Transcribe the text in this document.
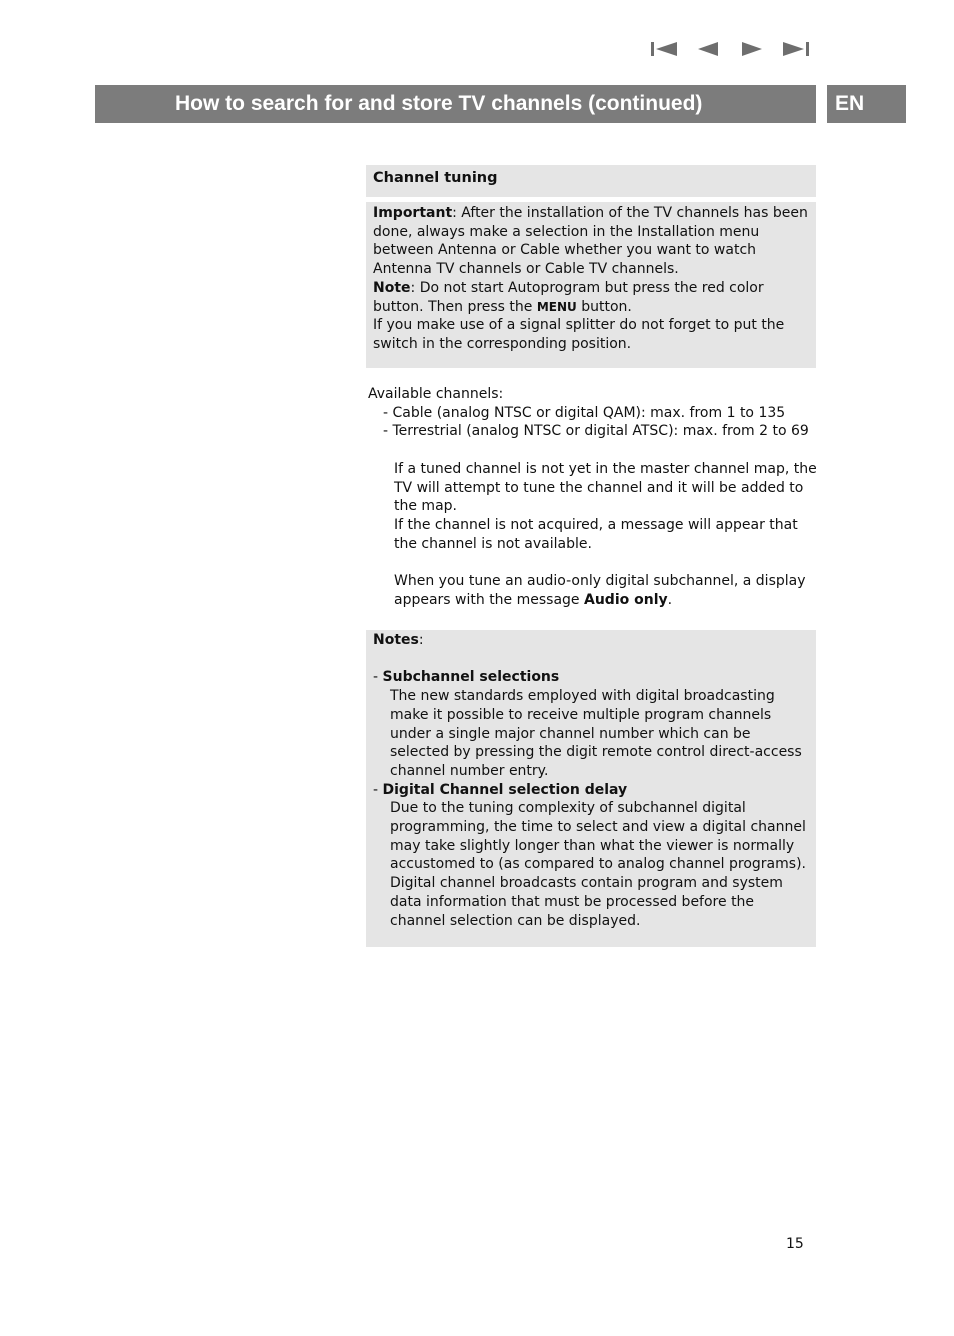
How to search for and store TV channels (continued)	EN
Channel tuning
Important: After the installation of the TV channels has been done, always make a selection in the Installation menu between Antenna or Cable whether you want to watch Antenna TV channels or Cable TV channels.
Note: Do not start Autoprogram but press the red color button. Then press the MENU button.
If you make use of a signal splitter do not forget to put the switch in the corresponding position.
Available channels:
- Cable (analog NTSC or digital QAM): max. from 1 to 135
- Terrestrial (analog NTSC or digital ATSC): max. from 2 to 69
If a tuned channel is not yet in the master channel map, the TV will attempt to tune the channel and it will be added to the map.
If the channel is not acquired, a message will appear that the channel is not available.
When you tune an audio-only digital subchannel, a display appears with the message Audio only.
Notes:
- Subchannel selections
The new standards employed with digital broadcasting make it possible to receive multiple program channels under a single major channel number which can be selected by pressing the digit remote control direct-access channel number entry.
- Digital Channel selection delay
Due to the tuning complexity of subchannel digital programming, the time to select and view a digital channel may take slightly longer than what the viewer is normally accustomed to (as compared to analog channel programs). Digital channel broadcasts contain program and system data information that must be processed before the channel selection can be displayed.
15
